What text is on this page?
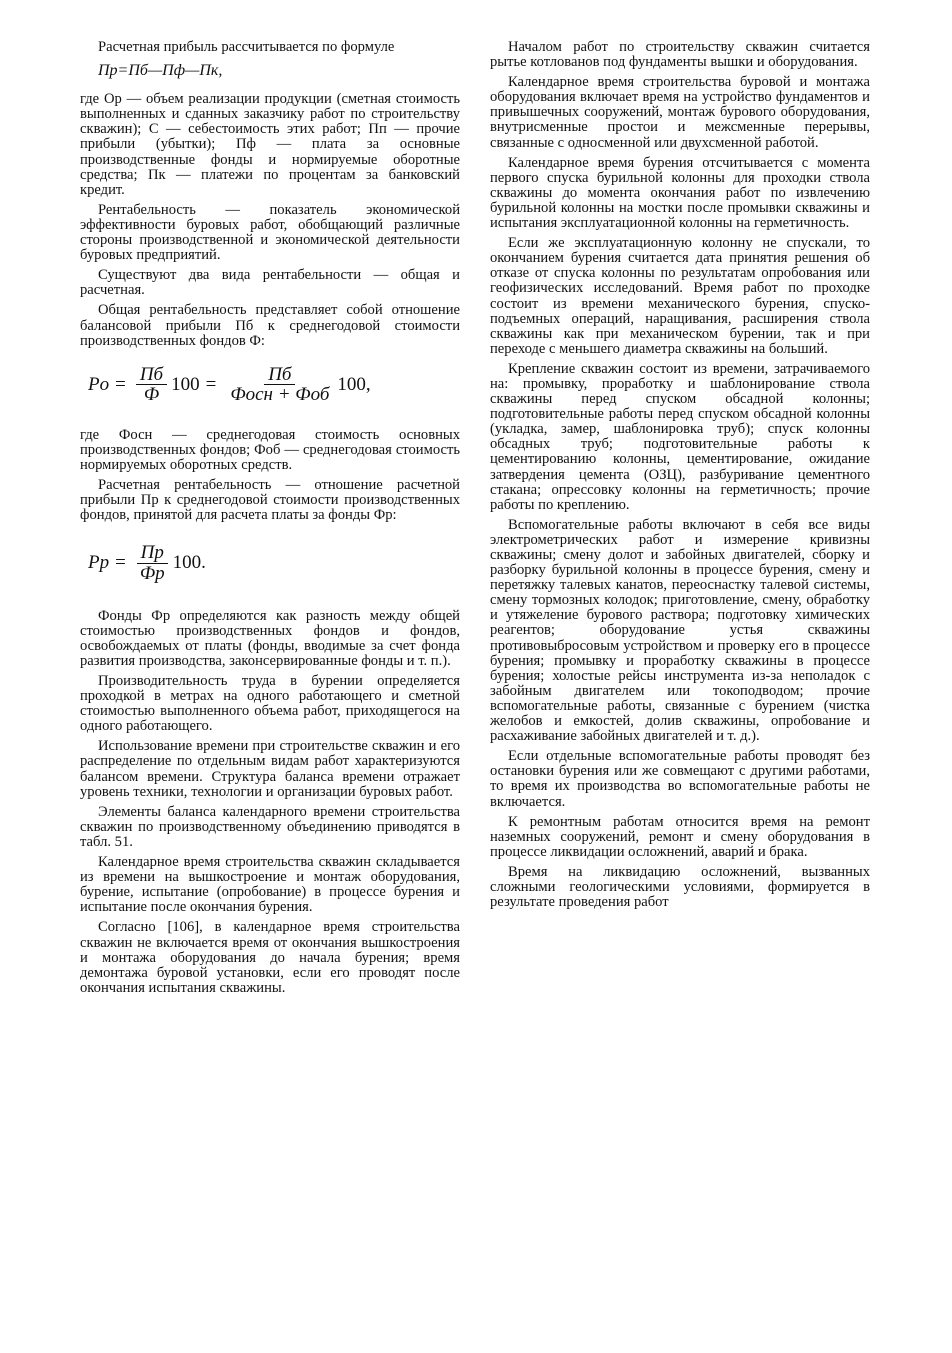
Расчетная прибыль рассчитывается по формуле

Пр=Пб—Пф—Пк,

где Ор — объем реализации продукции (сметная стоимость выполненных и сданных заказчику работ по строительству скважин); С — себестоимость этих работ; Пп — прочие прибыли (убытки); Пф — плата за основные производственные фонды и нормируемые оборотные средства; Пк — платежи по процентам за банковский кредит.

Рентабельность — показатель экономической эффективности буровых работ, обобщающий различные стороны производственной и экономической деятельности буровых предприятий.

Существуют два вида рентабельности — общая и расчетная.

Общая рентабельность представляет собой отношение балансовой прибыли Пб к среднегодовой стоимости производственных фондов Ф:

Pо = $\frac{Пб}{Ф} 100 = \frac{Пб}{\text{Фосн + Фоб}} 100$,

где Фосн — среднегодовая стоимость основных производственных фондов; Фоб — среднегодовая стоимость нормируемых оборотных средств.

Расчетная рентабельность — отношение расчетной прибыли Пр к среднегодовой стоимости производственных фондов, принятой для расчета платы за фонды Фр:

Pр = $\frac{Пр}{Фр} 100$.

Фонды Фр определяются как разность между общей стоимостью производственных фондов и фондов, освобождаемых от платы (фонды, вводимые за счет фонда развития производства, законсервированные фонды и т. п.).

Производительность труда в бурении определяется проходкой в метрах на одного работающего и сметной стоимостью выполненного объема работ, приходящегося на одного работающего.

Использование времени при строительстве скважин и его распределение по отдельным видам работ характеризуются балансом времени. Структура баланса времени отражает уровень техники, технологии и организации буровых работ.

Элементы баланса календарного времени строительства скважин по производственному объединению приводятся в табл. 51.

Календарное время строительства скважин складывается из времени на вышкостроение и монтаж оборудования, бурение, испытание (опробование) в процессе бурения и испытание после окончания бурения.

Согласно [106], в календарное время строительства скважин не включается время от окончания вышкостроения и монтажа оборудования до начала бурения; время демонтажа буровой установки, если его проводят после окончания испытания скважины.

Началом работ по строительству скважин считается рытье котлованов под фундаменты вышки и оборудования.

Календарное время строительства буровой и монтажа оборудования включает время на устройство фундаментов и привышечных сооружений, монтаж бурового оборудования, внутрисменные простои и межсменные перерывы, связанные с односменной или двухсменной работой.

Календарное время бурения отсчитывается с момента первого спуска бурильной колонны для проходки ствола скважины до момента окончания работ по извлечению бурильной колонны на мостки после промывки скважины и испытания эксплуатационной колонны на герметичность.

Если же эксплуатационную колонну не спускали, то окончанием бурения считается дата принятия решения об отказе от спуска колонны по результатам опробования или геофизических исследований. Время работ по проходке состоит из времени механического бурения, спуско-подъемных операций, наращивания, расширения ствола скважины как при механическом бурении, так и при переходе с меньшего диаметра скважины на больший.

Крепление скважин состоит из времени, затрачиваемого на: промывку, проработку и шаблонирование ствола скважины перед спуском обсадной колонны; подготовительные работы перед спуском обсадной колонны (укладка, замер, шаблонировка труб); спуск колонны обсадных труб; подготовительные работы к цементированию колонны, цементирование, ожидание затвердения цемента (ОЗЦ), разбуривание цементного стакана; опрессовку колонны на герметичность; прочие работы по креплению.

Вспомогательные работы включают в себя все виды электрометрических работ и измерение кривизны скважины; смену долот и забойных двигателей, сборку и разборку бурильной колонны в процессе бурения, смену и перетяжку талевых канатов, переоснастку талевой системы, смену тормозных колодок; приготовление, смену, обработку и утяжеление бурового раствора; подготовку химических реагентов; оборудование устья скважины противовыбросовым устройством и проверку его в процессе бурения; промывку и проработку скважины в процессе бурения; холостые рейсы инструмента из-за неполадок с забойным двигателем или токоподводом; прочие вспомогательные работы, связанные с бурением (чистка желобов и емкостей, долив скважины, опробование и расхаживание забойных двигателей и т. д.).

Если отдельные вспомогательные работы проводят без остановки бурения или же совмещают с другими работами, то время их производства во вспомогательные работы не включается.

К ремонтным работам относится время на ремонт наземных сооружений, ремонт и смену оборудования в процессе ликвидации осложнений, аварий и брака.

Время на ликвидацию осложнений, вызванных сложными геологическими условиями, формируется в результате проведения работ
